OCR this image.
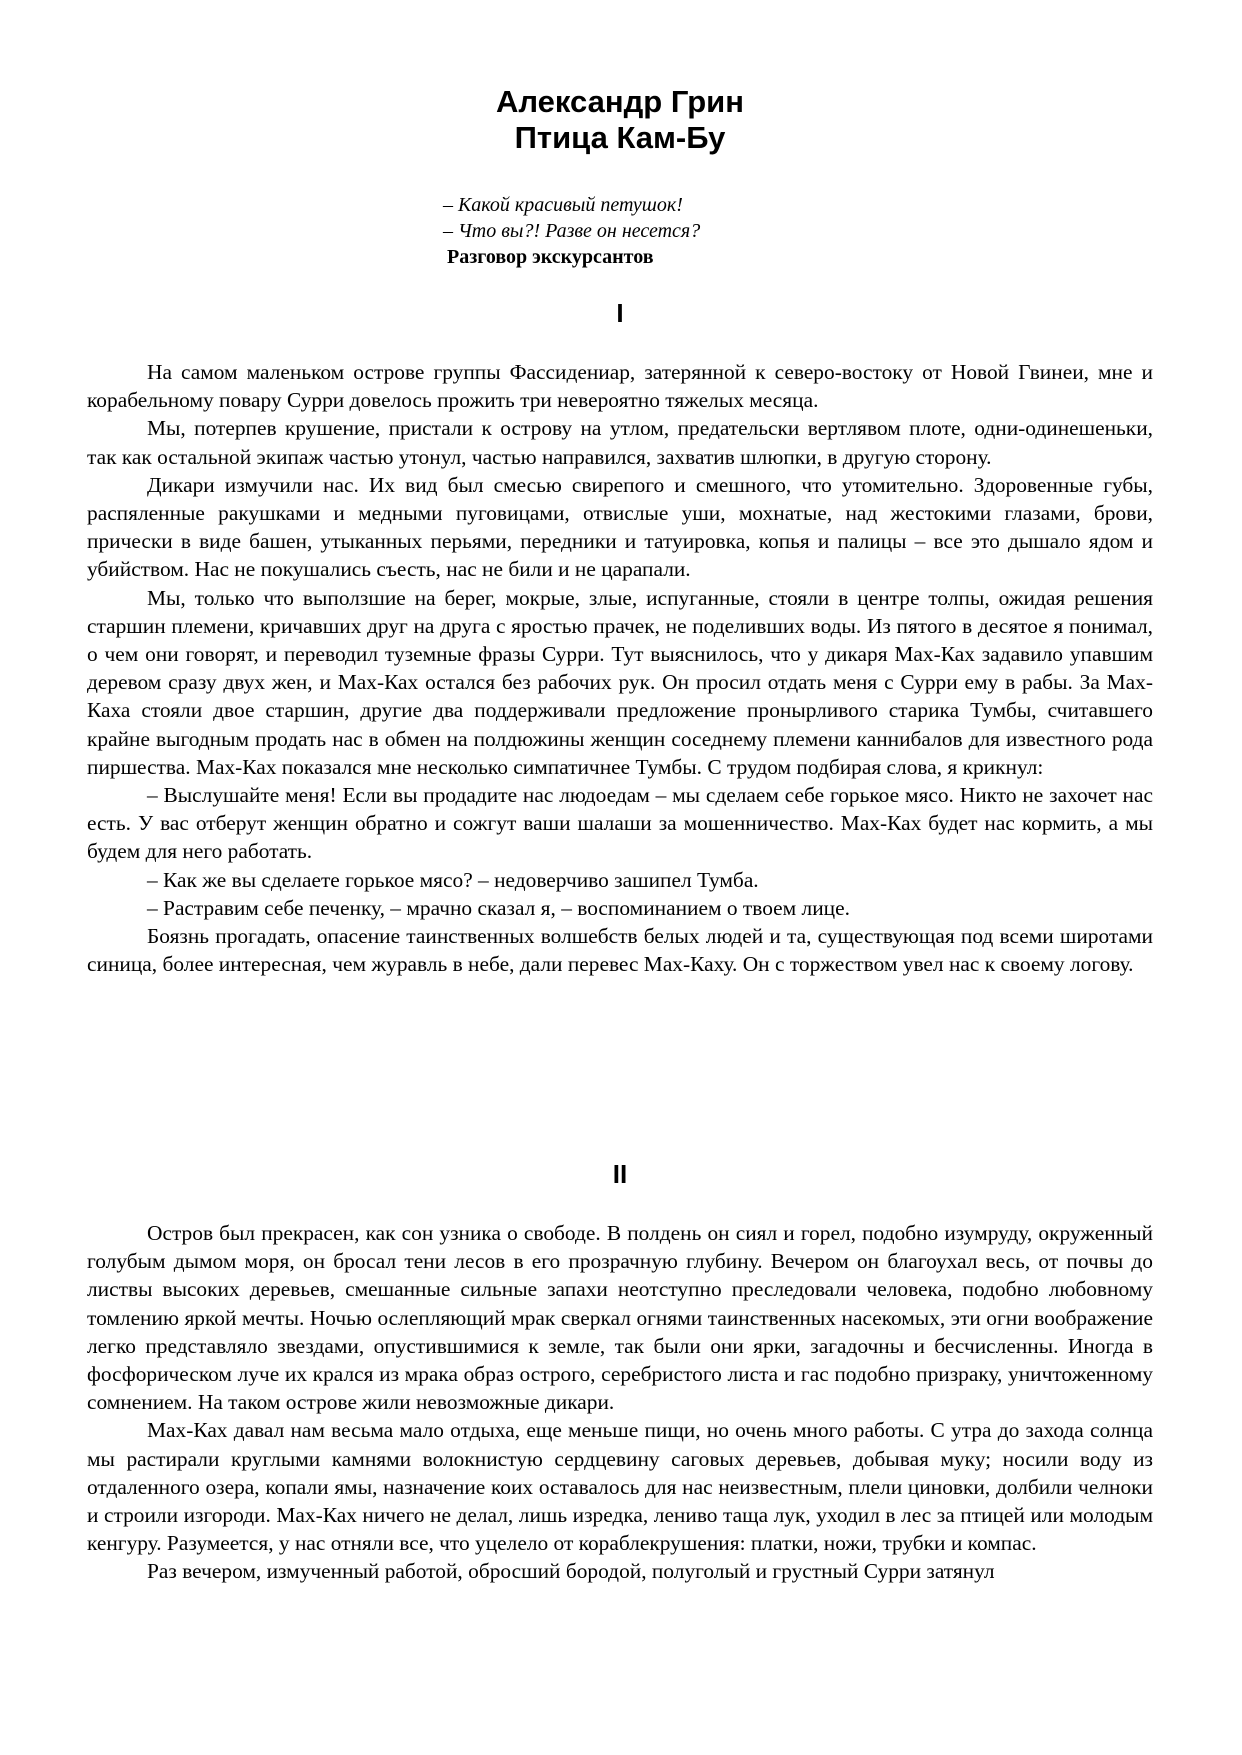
Александр Грин
Птица Кам-Бу
– Какой красивый петушок!
– Что вы?! Разве он несется?
Разговор экскурсантов
I

На самом маленьком острове группы Фассидениар, затерянной к северо-востоку от Новой Гвинеи, мне и корабельному повару Сурри довелось прожить три невероятно тяжелых месяца.

Мы, потерпев крушение, пристали к острову на утлом, предательски вертлявом плоте, одни-одинешеньки, так как остальной экипаж частью утонул, частью направился, захватив шлюпки, в другую сторону.

Дикари измучили нас. Их вид был смесью свирепого и смешного, что утомительно. Здоровенные губы, распяленные ракушками и медными пуговицами, отвислые уши, мохнатые, над жестокими глазами, брови, прически в виде башен, утыканных перьями, передники и татуировка, копья и палицы – все это дышало ядом и убийством. Нас не покушались съесть, нас не били и не царапали.

Мы, только что выползшие на берег, мокрые, злые, испуганные, стояли в центре толпы, ожидая решения старшин племени, кричавших друг на друга с яростью прачек, не поделивших воды. Из пятого в десятое я понимал, о чем они говорят, и переводил туземные фразы Сурри. Тут выяснилось, что у дикаря Мах-Ках задавило упавшим деревом сразу двух жен, и Мах-Ках остался без рабочих рук. Он просил отдать меня с Сурри ему в рабы. За Мах-Каха стояли двое старшин, другие два поддерживали предложение пронырливого старика Тумбы, считавшего крайне выгодным продать нас в обмен на полдюжины женщин соседнему племени каннибалов для известного рода пиршества. Мах-Ках показался мне несколько симпатичнее Тумбы. С трудом подбирая слова, я крикнул:

– Выслушайте меня! Если вы продадите нас людоедам – мы сделаем себе горькое мясо. Никто не захочет нас есть. У вас отберут женщин обратно и сожгут ваши шалаши за мошенничество. Мах-Ках будет нас кормить, а мы будем для него работать.

– Как же вы сделаете горькое мясо? – недоверчиво зашипел Тумба.

– Растравим себе печенку, – мрачно сказал я, – воспоминанием о твоем лице.

Боязнь прогадать, опасение таинственных волшебств белых людей и та, существующая под всеми широтами синица, более интересная, чем журавль в небе, дали перевес Мах-Каху. Он с торжеством увел нас к своему логову.

II

Остров был прекрасен, как сон узника о свободе. В полдень он сиял и горел, подобно изумруду, окруженный голубым дымом моря, он бросал тени лесов в его прозрачную глубину. Вечером он благоухал весь, от почвы до листвы высоких деревьев, смешанные сильные запахи неотступно преследовали человека, подобно любовному томлению яркой мечты. Ночью ослепляющий мрак сверкал огнями таинственных насекомых, эти огни воображение легко представляло звездами, опустившимися к земле, так были они ярки, загадочны и бесчисленны. Иногда в фосфорическом луче их крался из мрака образ острого, серебристого листа и гас подобно призраку, уничтоженному сомнением. На таком острове жили невозможные дикари.

Мах-Ках давал нам весьма мало отдыха, еще меньше пищи, но очень много работы. С утра до захода солнца мы растирали круглыми камнями волокнистую сердцевину саговых деревьев, добывая муку; носили воду из отдаленного озера, копали ямы, назначение коих оставалось для нас неизвестным, плели циновки, долбили челноки и строили изгороди. Мах-Ках ничего не делал, лишь изредка, лениво таща лук, уходил в лес за птицей или молодым кенгуру. Разумеется, у нас отняли все, что уцелело от кораблекрушения: платки, ножи, трубки и компас.

Раз вечером, измученный работой, обросший бородой, полуголый и грустный Сурри затянул
